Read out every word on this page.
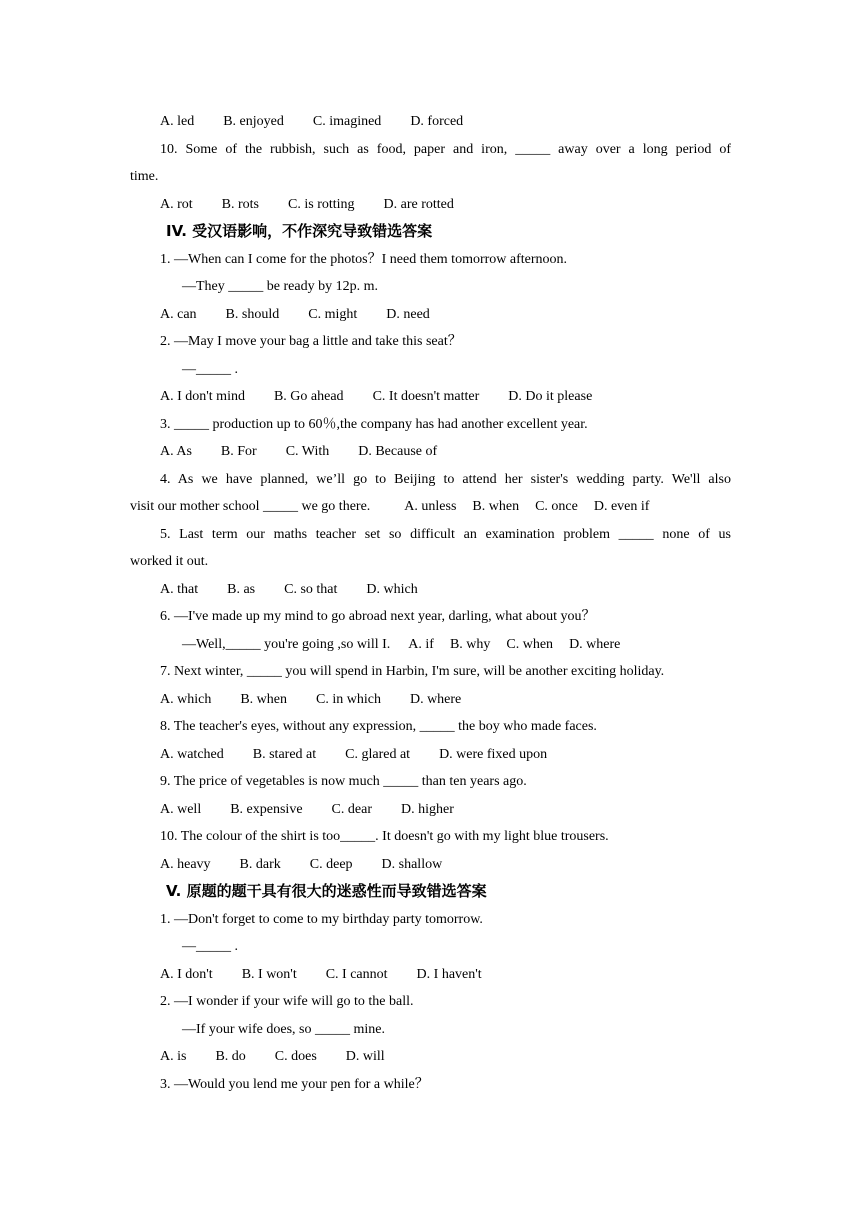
A. led B. enjoyed C. imagined D. forced
10. Some of the rubbish, such as food, paper and iron, _____ away over a long period of
time.
A. rot B. rots C. is rotting D. are rotted
IV. 受汉语影响，不作深究导致错选答案
1. —When can I come for the photos？I need them tomorrow afternoon.
—They _____ be ready by 12p. m.
A. can B. should C. might D. need
2. —May I move your bag a little and take this seat？
—_____ .
A. I don't mind B. Go ahead C. It doesn't matter D. Do it please
3. _____ production up to 60％,the company has had another excellent year.
A. As B. For C. With D. Because of
4. As we have planned, we’ll go to Beijing to attend her sister's wedding party. We'll also
visit our mother school _____ we go there. A. unless B. when C. once D. even if
5. Last term our maths teacher set so difficult an examination problem _____ none of us
worked it out.
A. that B. as C. so that D. which
6. —I've made up my mind to go abroad next year, darling, what about you？
—Well,_____ you're going ,so will I. A. if B. why C. when D. where
7. Next winter, _____ you will spend in Harbin, I'm sure, will be another exciting holiday.
A. which B. when C. in which D. where
8. The teacher's eyes, without any expression, _____ the boy who made faces.
A. watched B. stared at C. glared at D. were fixed upon
9. The price of vegetables is now much _____ than ten years ago.
A. well B. expensive C. dear D. higher
10. The colour of the shirt is too_____. It doesn't go with my light blue trousers.
A. heavy B. dark C. deep D. shallow
V. 原题的题干具有很大的迷惑性而导致错选答案
1. —Don't forget to come to my birthday party tomorrow.
—_____ .
A. I don't B. I won't C. I cannot D. I haven't
2. —I wonder if your wife will go to the ball.
—If your wife does, so _____ mine.
A. is B. do C. does D. will
3. —Would you lend me your pen for a while？
